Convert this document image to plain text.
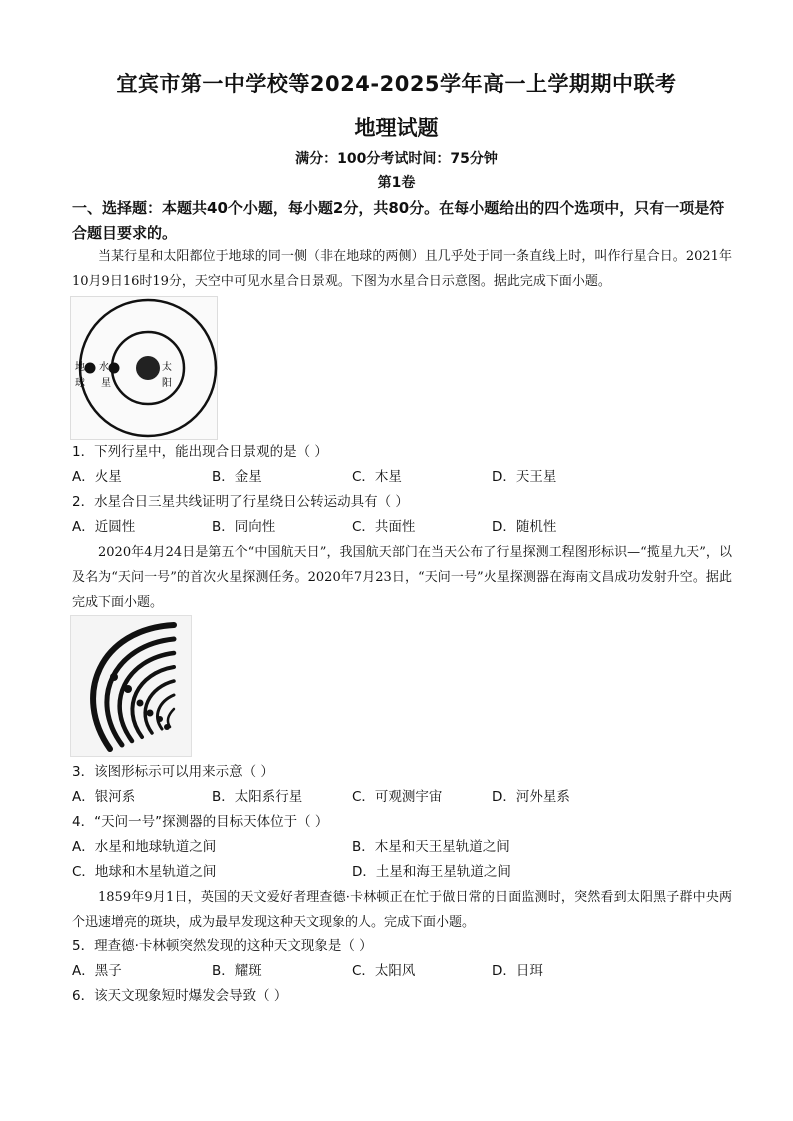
宜宾市第一中学校等2024-2025学年高一上学期期中联考
地理试题
满分：100分考试时间：75分钟
第1卷
一、选择题：本题共40个小题，每小题2分，共80分。在每小题给出的四个选项中，只有一项是符合题目要求的。
当某行星和太阳都位于地球的同一侧（非在地球的两侧）且几乎处于同一条直线上时，叫作行星合日。2021年10月9日16时19分，天空中可见水星合日景观。下图为水星合日示意图。据此完成下面小题。
地
球
水
星
太
阳
1．下列行星中，能出现合日景观的是（ ）
A．火星	B．金星	C．木星	D．天王星
2．水星合日三星共线证明了行星绕日公转运动具有（ ）
A．近圆性	B．同向性	C．共面性	D．随机性
2020年4月24日是第五个“中国航天日”，我国航天部门在当天公布了行星探测工程图形标识—“揽星九天”，以及名为“天问一号”的首次火星探测任务。2020年7月23日，“天问一号”火星探测器在海南文昌成功发射升空。据此完成下面小题。
3．该图形标示可以用来示意（ ）
A．银河系	B．太阳系行星	C．可观测宇宙	D．河外星系
4．“天问一号”探测器的目标天体位于（ ）
A．水星和地球轨道之间	B．木星和天王星轨道之间
C．地球和木星轨道之间	D．土星和海王星轨道之间
1859年9月1日，英国的天文爱好者理查德·卡林顿正在忙于做日常的日面监测时，突然看到太阳黑子群中央两个迅速增亮的斑块，成为最早发现这种天文现象的人。完成下面小题。
5．理查德·卡林顿突然发现的这种天文现象是（ ）
A．黑子	B．耀斑	C．太阳风	D．日珥
6．该天文现象短时爆发会导致（ ）
